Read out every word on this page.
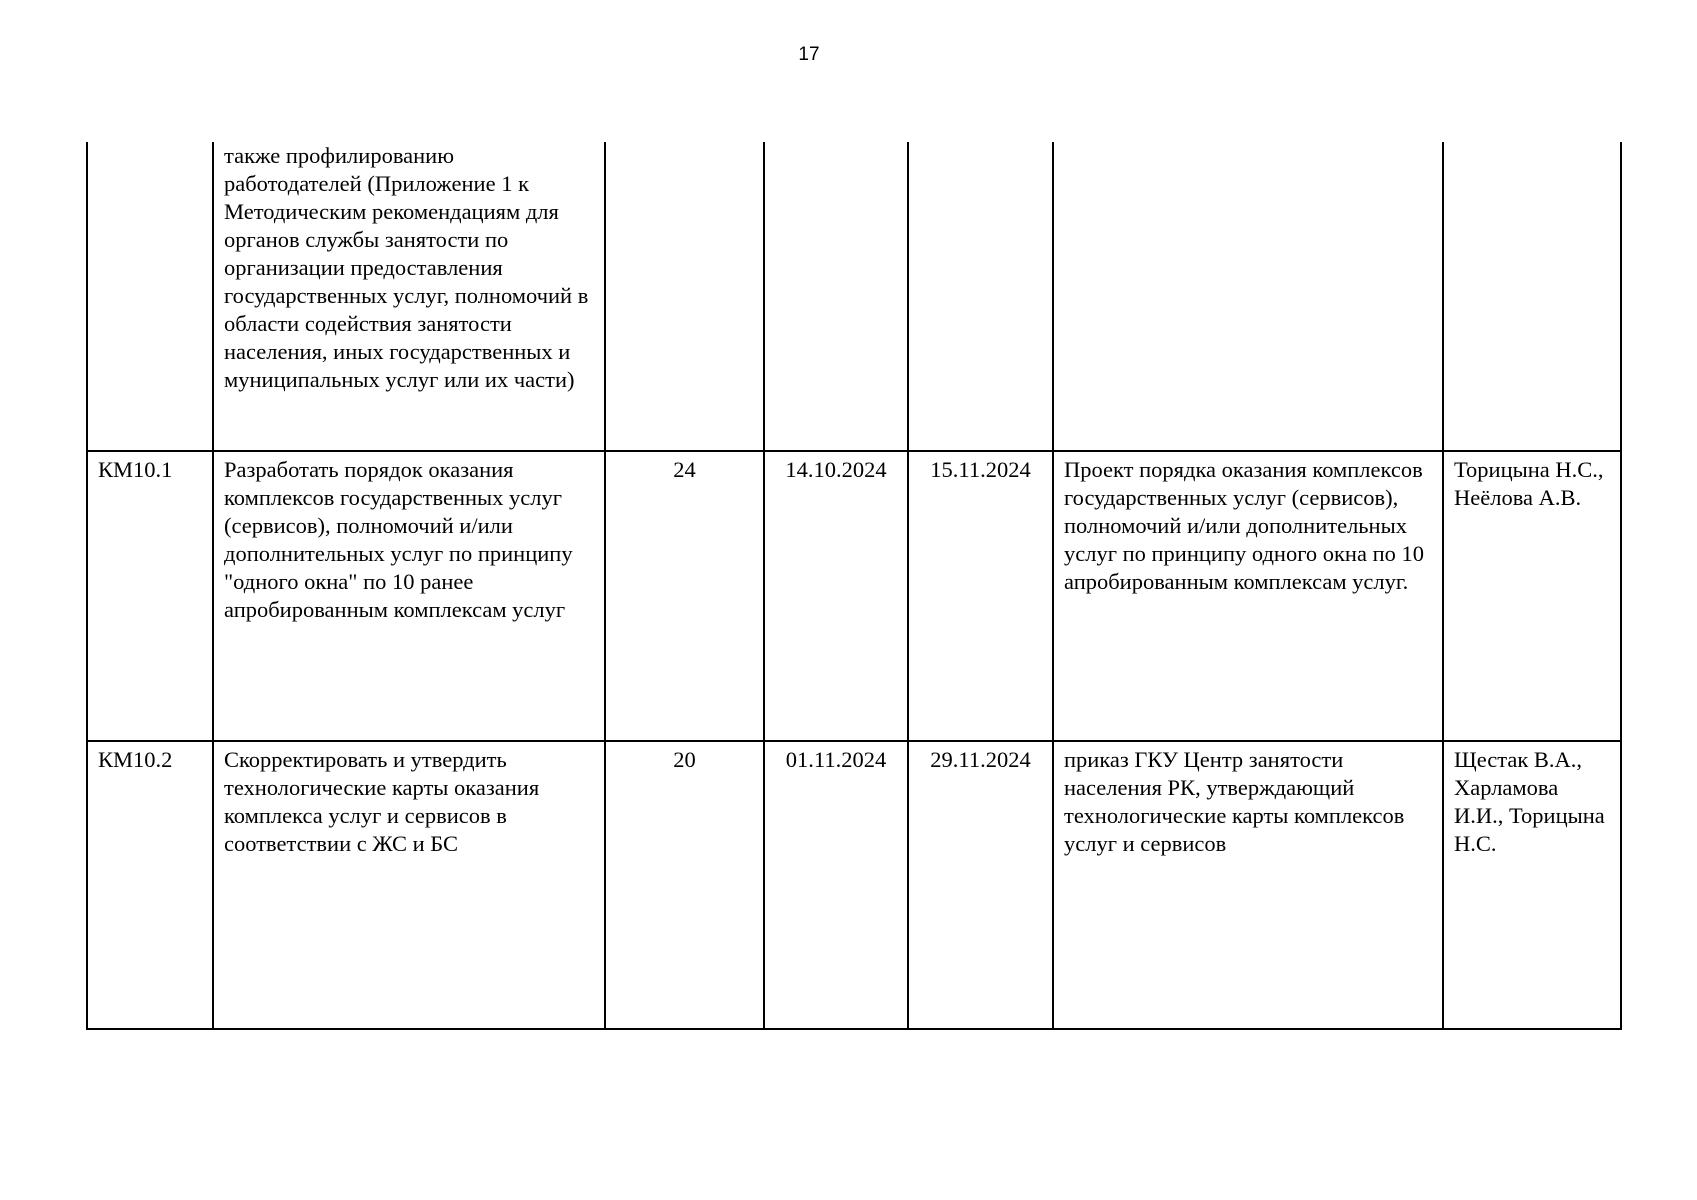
17
	также профилированию работодателей (Приложение 1 к Методическим рекомендациям для органов службы занятости по организации предоставления государственных услуг, полномочий в области содействия занятости населения, иных государственных и муниципальных услуг или их части)					
КМ10.1	Разработать порядок оказания комплексов государственных услуг (сервисов), полномочий и/или дополнительных услуг по принципу "одного окна" по 10 ранее апробированным комплексам услуг	24	14.10.2024	15.11.2024	Проект порядка оказания комплексов государственных услуг (сервисов), полномочий и/или дополнительных услуг по принципу одного окна по 10 апробированным комплексам услуг.	Торицына Н.С., Неёлова А.В.
КМ10.2	Скорректировать и утвердить технологические карты оказания комплекса услуг и сервисов в соответствии с ЖС и БС	20	01.11.2024	29.11.2024	приказ ГКУ Центр занятости населения РК, утверждающий технологические карты комплексов услуг и сервисов	Щестак В.А., Харламова И.И., Торицына Н.С.
